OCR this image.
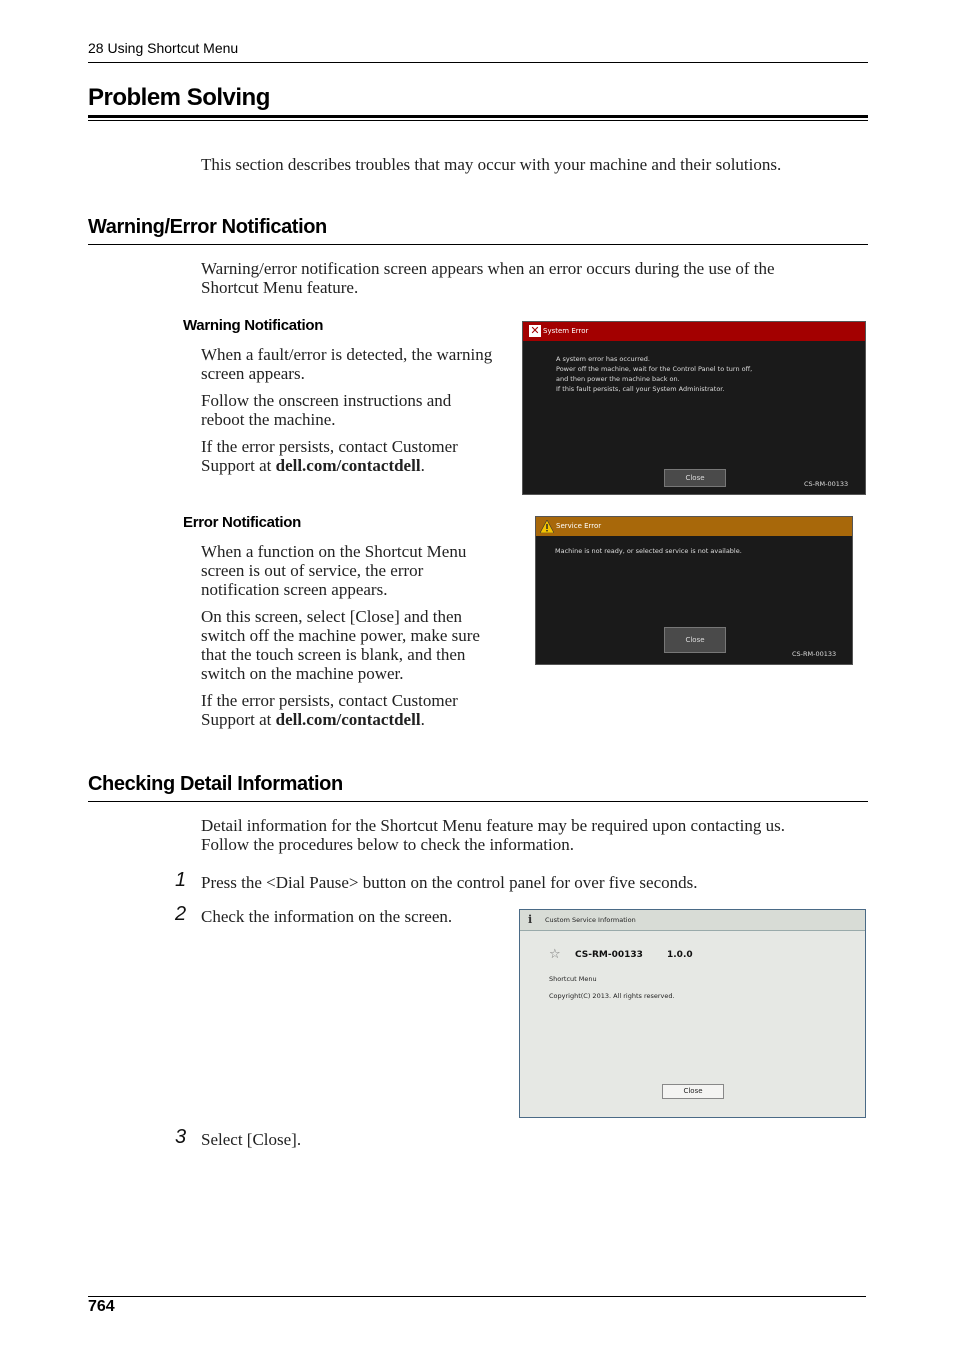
28 Using Shortcut Menu
Problem Solving
This section describes troubles that may occur with your machine and their solutions.
Warning/Error Notification
Warning/error notification screen appears when an error occurs during the use of the
Shortcut Menu feature.
Warning Notification
When a fault/error is detected, the warning
screen appears.
Follow the onscreen instructions and
reboot the machine.
If the error persists, contact Customer
Support at dell.com/contactdell.
✕ System Error
A system error has occurred.
Power off the machine, wait for the Control Panel to turn off,
and then power the machine back on.
If this fault persists, call your System Administrator.
Close
CS-RM-00133
Error Notification
When a function on the Shortcut Menu
screen is out of service, the error
notification screen appears.
On this screen, select [Close] and then
switch off the machine power, make sure
that the touch screen is blank, and then
switch on the machine power.
If the error persists, contact Customer
Support at dell.com/contactdell.
Service Error
Machine is not ready, or selected service is not available.
Close
CS-RM-00133
Checking Detail Information
Detail information for the Shortcut Menu feature may be required upon contacting us.
Follow the procedures below to check the information.
1 Press the <Dial Pause> button on the control panel for over five seconds.
2 Check the information on the screen.
3 Select [Close].
i	Custom Service Information
☆ CS-RM-00133	1.0.0
Shortcut Menu
Copyright(C) 2013. All rights reserved.
Close
764
